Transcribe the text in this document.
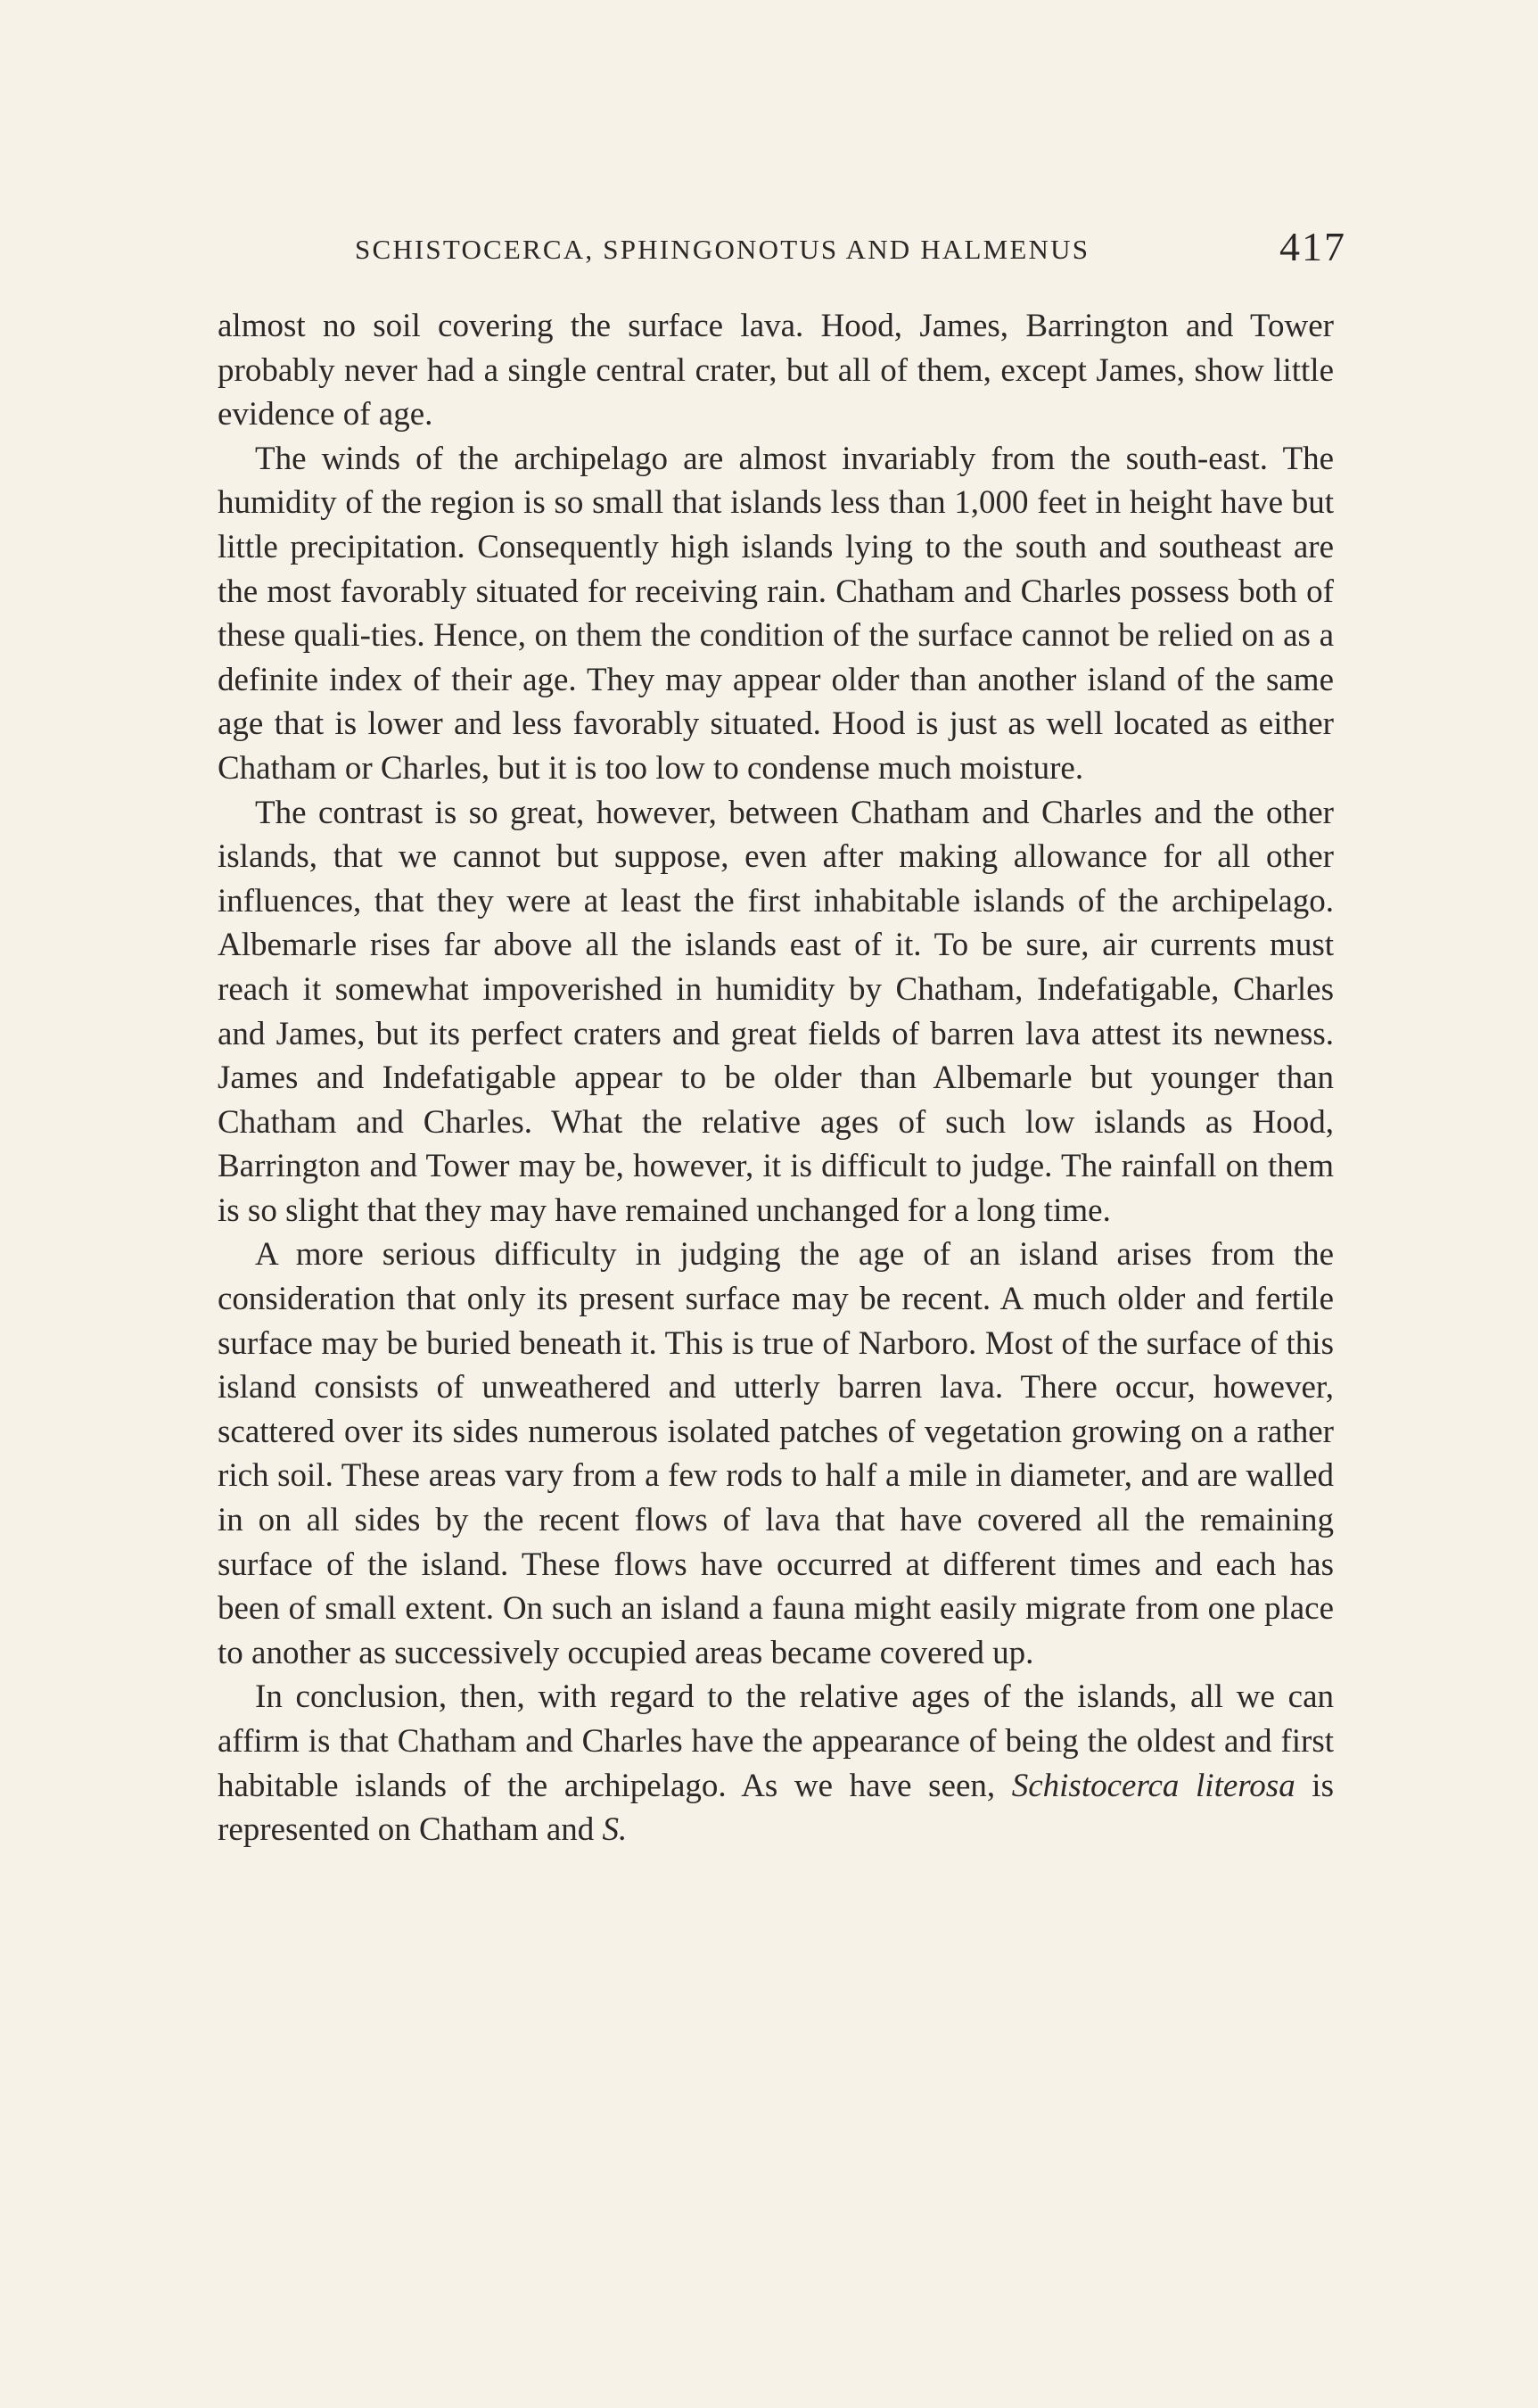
SCHISTOCERCA, SPHINGONOTUS AND HALMENUS	417

almost no soil covering the surface lava. Hood, James, Barrington and Tower probably never had a single central crater, but all of them, except James, show little evidence of age.

The winds of the archipelago are almost invariably from the south-east. The humidity of the region is so small that islands less than 1,000 feet in height have but little precipitation. Consequently high islands lying to the south and southeast are the most favorably situated for receiving rain. Chatham and Charles possess both of these quali-ties. Hence, on them the condition of the surface cannot be relied on as a definite index of their age. They may appear older than another island of the same age that is lower and less favorably situated. Hood is just as well located as either Chatham or Charles, but it is too low to condense much moisture.

The contrast is so great, however, between Chatham and Charles and the other islands, that we cannot but suppose, even after making allowance for all other influences, that they were at least the first inhabitable islands of the archipelago. Albemarle rises far above all the islands east of it. To be sure, air currents must reach it somewhat impoverished in humidity by Chatham, Indefatigable, Charles and James, but its perfect craters and great fields of barren lava attest its newness. James and Indefatigable appear to be older than Albemarle but younger than Chatham and Charles. What the relative ages of such low islands as Hood, Barrington and Tower may be, however, it is difficult to judge. The rainfall on them is so slight that they may have remained unchanged for a long time.

A more serious difficulty in judging the age of an island arises from the consideration that only its present surface may be recent. A much older and fertile surface may be buried beneath it. This is true of Narboro. Most of the surface of this island consists of unweathered and utterly barren lava. There occur, however, scattered over its sides numerous isolated patches of vegetation growing on a rather rich soil. These areas vary from a few rods to half a mile in diameter, and are walled in on all sides by the recent flows of lava that have covered all the remaining surface of the island. These flows have occurred at different times and each has been of small extent. On such an island a fauna might easily migrate from one place to another as successively occupied areas became covered up.

In conclusion, then, with regard to the relative ages of the islands, all we can affirm is that Chatham and Charles have the appearance of being the oldest and first habitable islands of the archipelago. As we have seen, Schistocerca literosa is represented on Chatham and S.
